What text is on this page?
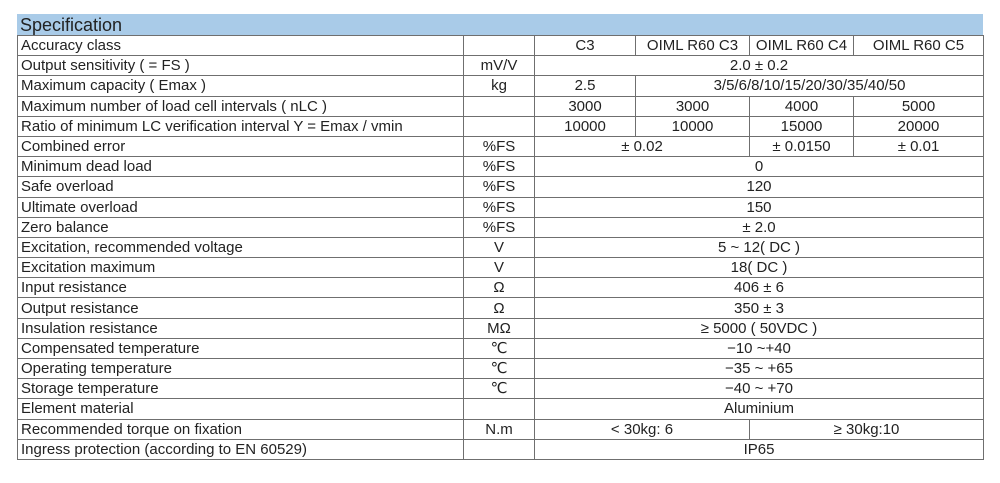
Specification
Accuracy class		C3	OIML R60 C3	OIML R60 C4	OIML R60 C5
Output sensitivity ( = FS )	mV/V	2.0 ± 0.2			
Maximum capacity ( Emax )	kg	2.5	3/5/6/8/10/15/20/30/35/40/50		
Maximum number of load cell intervals ( nLC )		3000	3000	4000	5000
Ratio of minimum LC verification interval Y = Emax / vmin		10000	10000	15000	20000
Combined error	%FS	± 0.02		± 0.0150	± 0.01
Minimum dead load	%FS	0			
Safe overload	%FS	120			
Ultimate overload	%FS	150			
Zero balance	%FS	± 2.0			
Excitation, recommended voltage	V	5 ~ 12( DC )			
Excitation maximum	V	18( DC )			
Input resistance	Ω	406 ± 6			
Output resistance	Ω	350 ± 3			
Insulation resistance	MΩ	≥ 5000 ( 50VDC )			
Compensated temperature	℃	−10 ~+40			
Operating temperature	℃	−35 ~ +65			
Storage temperature	℃	−40 ~ +70			
Element material		Aluminium			
Recommended torque on fixation	N.m	< 30kg: 6		≥ 30kg:10	
Ingress protection (according to EN 60529)		IP65			
